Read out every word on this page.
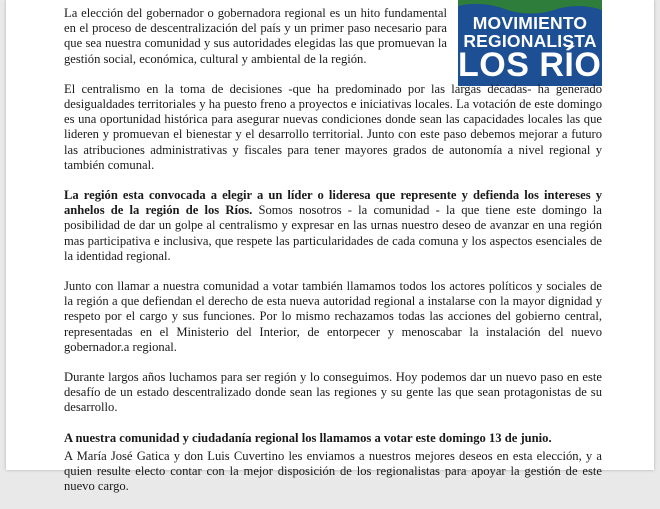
MOVIMIENTO
REGIONALISTA
LOS RÍOS

La elección del gobernador o gobernadora regional es un hito fundamental en el proceso de descentralización del país y un primer paso necesario para que sea nuestra comunidad y sus autoridades elegidas las que promuevan la gestión social, económica, cultural y ambiental de la región.

El centralismo en la toma de decisiones -que ha predominado por las largas décadas- ha generado desigualdades territoriales y ha puesto freno a proyectos e iniciativas locales. La votación de este domingo es una oportunidad histórica para asegurar nuevas condiciones donde sean las capacidades locales las que lideren y promuevan el bienestar y el desarrollo territorial. Junto con este paso debemos mejorar a futuro las atribuciones administrativas y fiscales para tener mayores grados de autonomía a nivel regional y también comunal.

La región esta convocada a elegir a un líder o lideresa que represente y defienda los intereses y anhelos de la región de los Ríos. Somos nosotros - la comunidad - la que tiene este domingo la posibilidad de dar un golpe al centralismo y expresar en las urnas nuestro deseo de avanzar en una región mas participativa e inclusiva, que respete las particularidades de cada comuna y los aspectos esenciales de la identidad regional.

Junto con llamar a nuestra comunidad a votar también llamamos todos los actores políticos y sociales de la región a que defiendan el derecho de esta nueva autoridad regional a instalarse con la mayor dignidad y respeto por el cargo y sus funciones. Por lo mismo rechazamos todas las acciones del gobierno central, representadas en el Ministerio del Interior, de entorpecer y menoscabar la instalación del nuevo gobernador.a regional.

Durante largos años luchamos para ser región y lo conseguimos. Hoy podemos dar un nuevo paso en este desafío de un estado descentralizado donde sean las regiones y su gente las que sean protagonistas de su desarrollo.

A nuestra comunidad y ciudadanía regional los llamamos a votar este domingo 13 de junio.

A María José Gatica y don Luis Cuvertino les enviamos a nuestros mejores deseos en esta elección, y a quien resulte electo contar con la mejor disposición de los regionalistas para apoyar la gestión de este nuevo cargo.
